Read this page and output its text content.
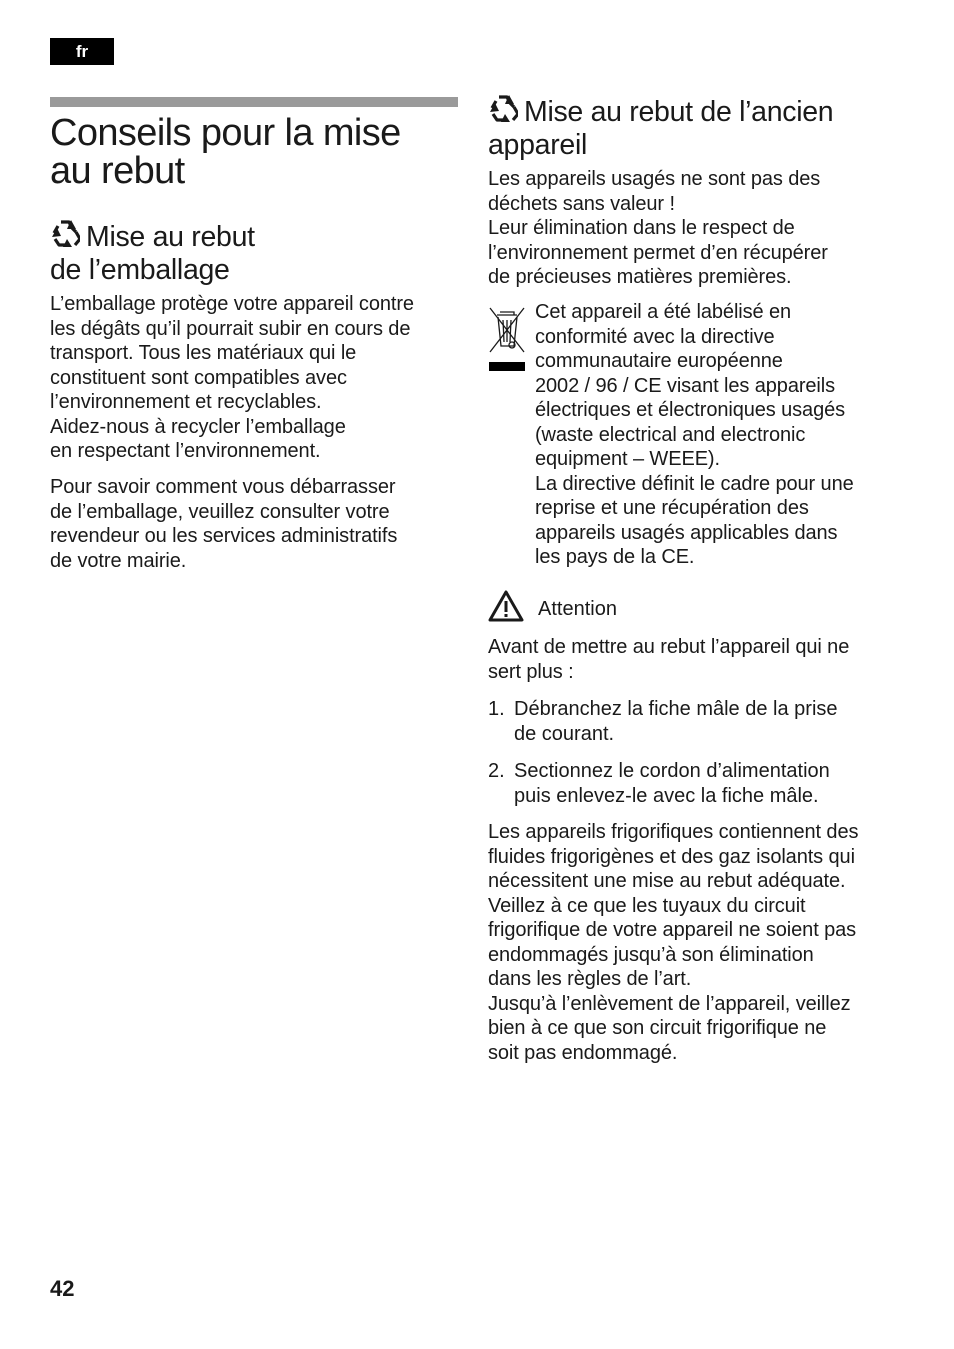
fr
Conseils pour la mise
au rebut
Mise au rebut
de l’emballage

L’emballage protège votre appareil contre
les dégâts qu’il pourrait subir en cours de
transport. Tous les matériaux qui le
constituent sont compatibles avec
l’environnement et recyclables.
Aidez-nous à recycler l’emballage
en respectant l’environnement.

Pour savoir comment vous débarrasser
de l’emballage, veuillez consulter votre
revendeur ou les services administratifs
de votre mairie.

Mise au rebut de l’ancien
appareil

Les appareils usagés ne sont pas des
déchets sans valeur !
Leur élimination dans le respect de
l’environnement permet d’en récupérer
de précieuses matières premières.

Cet appareil a été labélisé en
conformité avec la directive
communautaire européenne
2002 / 96 / CE visant les appareils
électriques et électroniques usagés
(waste electrical and electronic
equipment – WEEE).
La directive définit le cadre pour une
reprise et une récupération des
appareils usagés applicables dans
les pays de la CE.

Attention

Avant de mettre au rebut l’appareil qui ne
sert plus :

1. Débranchez la fiche mâle de la prise
de courant.

2. Sectionnez le cordon d’alimentation
puis enlevez-le avec la fiche mâle.

Les appareils frigorifiques contiennent des
fluides frigorigènes et des gaz isolants qui
nécessitent une mise au rebut adéquate.
Veillez à ce que les tuyaux du circuit
frigorifique de votre appareil ne soient pas
endommagés jusqu’à son élimination
dans les règles de l’art.
Jusqu’à l’enlèvement de l’appareil, veillez
bien à ce que son circuit frigorifique ne
soit pas endommagé.

42
